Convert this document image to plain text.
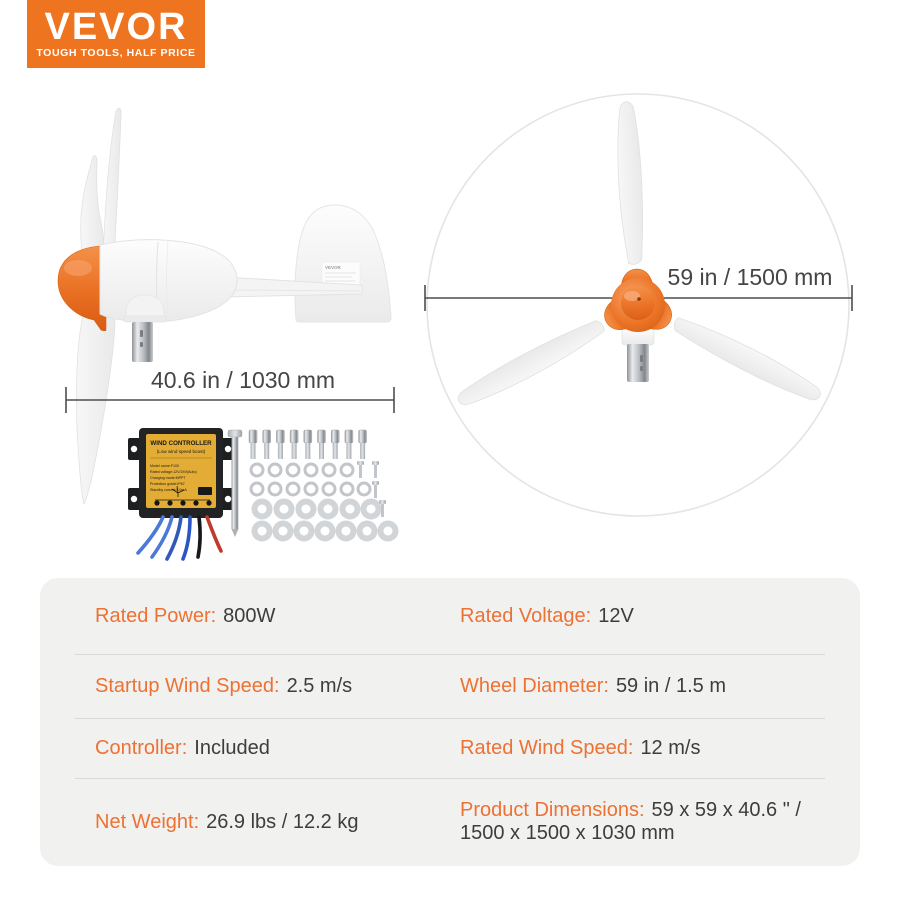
VEVOR
TOUGH TOOLS, HALF PRICE
59 in / 1500 mm
VEVOR
40.6 in / 1030 mm
WIND CONTROLLER
(Low wind speed boost)
Model name:F100
Rated voltage:12V/24V(Auto)
Charging mode:MPPT
Protection grade:IP67
Standby current:5.0mA

Rated Power: 800W	Rated Voltage: 12V

Startup Wind Speed: 2.5 m/s	Wheel Diameter: 59 in / 1.5 m

Controller: Included	Rated Wind Speed: 12 m/s

Net Weight: 26.9 lbs / 12.2 kg

Product Dimensions: 59 x 59 x 40.6 " / 1500 x 1500 x 1030 mm
